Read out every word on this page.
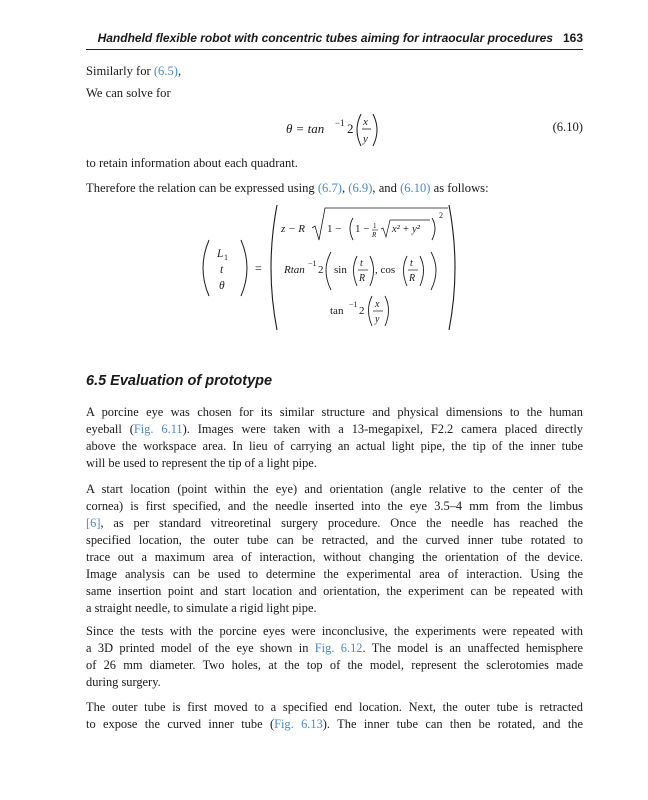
Handheld flexible robot with concentric tubes aiming for intraocular procedures 163
Similarly for (6.5),
We can solve for
θ = tan −1 2 x
y
(6.10)
to retain information about each quadrant.
Therefore the relation can be expressed using (6.7), (6.9), and (6.10) as follows:
L 1
t
θ
=
z − R 1 − 1 − 1
R x² + y²
2
Rtan
−1
2 sin
t
R
, cos
t
R
tan
−1
2
x
y
6.5 Evaluation of prototype
A porcine eye was chosen for its similar structure and physical dimensions to the human
eyeball (Fig. 6.11). Images were taken with a 13-megapixel, F2.2 camera placed directly
above the workspace area. In lieu of carrying an actual light pipe, the tip of the inner tube
will be used to represent the tip of a light pipe.
A start location (point within the eye) and orientation (angle relative to the center of the
cornea) is first specified, and the needle inserted into the eye 3.5–4 mm from the limbus
[6], as per standard vitreoretinal surgery procedure. Once the needle has reached the
specified location, the outer tube can be retracted, and the curved inner tube rotated to
trace out a maximum area of interaction, without changing the orientation of the device.
Image analysis can be used to determine the experimental area of interaction. Using the
same insertion point and start location and orientation, the experiment can be repeated with
a straight needle, to simulate a rigid light pipe.
Since the tests with the porcine eyes were inconclusive, the experiments were repeated with
a 3D printed model of the eye shown in Fig. 6.12. The model is an unaffected hemisphere
of 26 mm diameter. Two holes, at the top of the model, represent the sclerotomies made
during surgery.
The outer tube is first moved to a specified end location. Next, the outer tube is retracted
to expose the curved inner tube (Fig. 6.13). The inner tube can then be rotated, and the
